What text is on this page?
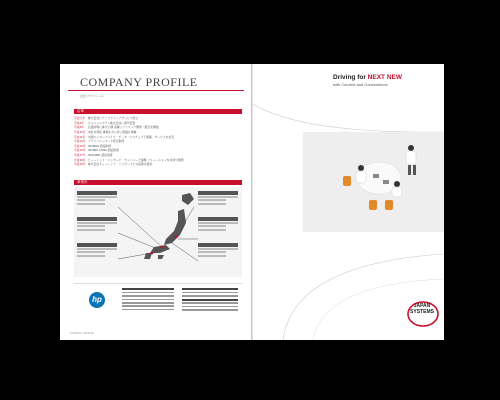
COMPANY PROFILE
会社プロフィール
沿革
平成元年 株式会社にてソフトウェアサービス設立
平成4年	ジャパンシステム株式会社に商号変更
平成6年	店頭市場に株式公開 各種ソフトウェア開発・販売を開始
平成10年 本社を移転 事業拡大に伴い組織を再編
平成11年 米国エンタープライズ・データ・システムズと提携、サービスを拡充
平成13年 プライバシーマーク認定取得
平成15年 ISO9001 認証取得
平成16年 ISO/IEC 27001 認証取得
平成17年 ISO14001 認証取得
平成18年 ヒューレット・パッカード・カンパニーと提携 ソリューションを共同で展開
平成19年 株式会社ヒューレット・パッカードとの協業を強化
事業所
hp
COMPANY PROFILE
Driving for NEXT NEW
with Comfort and Convenience
JAPAN
SYSTEMS
